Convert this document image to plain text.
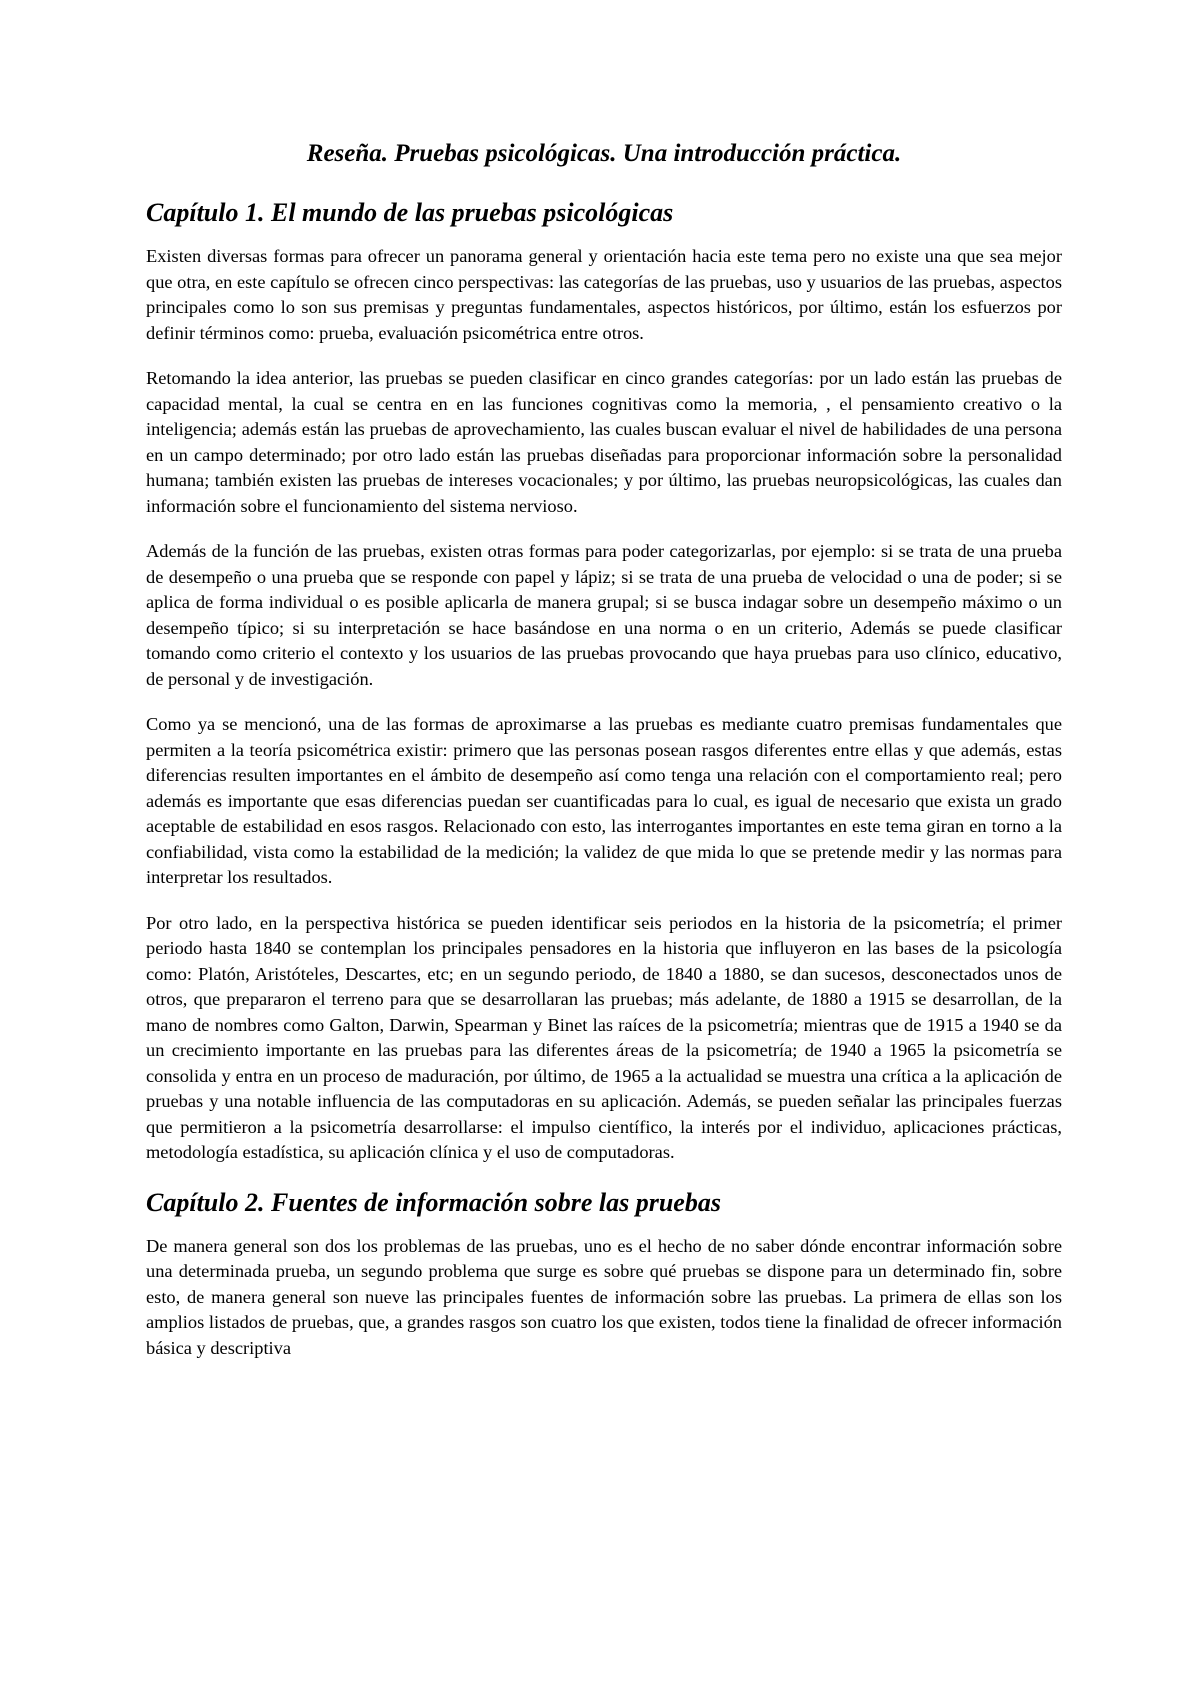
Reseña. Pruebas psicológicas. Una introducción práctica.
Capítulo 1. El mundo de las pruebas psicológicas

Existen diversas formas para ofrecer un panorama general y orientación hacia este tema pero no existe una que sea mejor que otra, en este capítulo se ofrecen cinco perspectivas: las categorías de las pruebas, uso y usuarios de las pruebas, aspectos principales como lo son sus premisas y preguntas fundamentales, aspectos históricos, por último, están los esfuerzos por definir términos como: prueba, evaluación psicométrica entre otros.

Retomando la idea anterior, las pruebas se pueden clasificar en cinco grandes categorías: por un lado están las pruebas de capacidad mental, la cual se centra en en las funciones cognitivas como la memoria, , el pensamiento creativo o la inteligencia; además están las pruebas de aprovechamiento, las cuales buscan evaluar el nivel de habilidades de una persona en un campo determinado; por otro lado están las pruebas diseñadas para proporcionar información sobre la personalidad humana; también existen las pruebas de intereses vocacionales; y por último, las pruebas neuropsicológicas, las cuales dan información sobre el funcionamiento del sistema nervioso.

Además de la función de las pruebas, existen otras formas para poder categorizarlas, por ejemplo: si se trata de una prueba de desempeño o una prueba que se responde con papel y lápiz; si se trata de una prueba de velocidad o una de poder; si se aplica de forma individual o es posible aplicarla de manera grupal; si se busca indagar sobre un desempeño máximo o un desempeño típico; si su interpretación se hace basándose en una norma o en un criterio, Además se puede clasificar tomando como criterio el contexto y los usuarios de las pruebas provocando que haya pruebas para uso clínico, educativo, de personal y de investigación.

Como ya se mencionó, una de las formas de aproximarse a las pruebas es mediante cuatro premisas fundamentales que permiten a la teoría psicométrica existir: primero que las personas posean rasgos diferentes entre ellas y que además, estas diferencias resulten importantes en el ámbito de desempeño así como tenga una relación con el comportamiento real; pero además es importante que esas diferencias puedan ser cuantificadas para lo cual, es igual de necesario que exista un grado aceptable de estabilidad en esos rasgos. Relacionado con esto, las interrogantes importantes en este tema giran en torno a la confiabilidad, vista como la estabilidad de la medición; la validez de que mida lo que se pretende medir y las normas para interpretar los resultados.

Por otro lado, en la perspectiva histórica se pueden identificar seis periodos en la historia de la psicometría; el primer periodo hasta 1840 se contemplan los principales pensadores en la historia que influyeron en las bases de la psicología como: Platón, Aristóteles, Descartes, etc; en un segundo periodo, de 1840 a 1880, se dan sucesos, desconectados unos de otros, que prepararon el terreno para que se desarrollaran las pruebas; más adelante, de 1880 a 1915 se desarrollan, de la mano de nombres como Galton, Darwin, Spearman y Binet las raíces de la psicometría; mientras que de 1915 a 1940 se da un crecimiento importante en las pruebas para las diferentes áreas de la psicometría; de 1940 a 1965 la psicometría se consolida y entra en un proceso de maduración, por último, de 1965 a la actualidad se muestra una crítica a la aplicación de pruebas y una notable influencia de las computadoras en su aplicación. Además, se pueden señalar las principales fuerzas que permitieron a la psicometría desarrollarse: el impulso científico, la interés por el individuo, aplicaciones prácticas, metodología estadística, su aplicación clínica y el uso de computadoras.

Capítulo 2. Fuentes de información sobre las pruebas

De manera general son dos los problemas de las pruebas, uno es el hecho de no saber dónde encontrar información sobre una determinada prueba, un segundo problema que surge es sobre qué pruebas se dispone para un determinado fin, sobre esto, de manera general son nueve las principales fuentes de información sobre las pruebas. La primera de ellas son los amplios listados de pruebas, que, a grandes rasgos son cuatro los que existen, todos tiene la finalidad de ofrecer información básica y descriptiva
